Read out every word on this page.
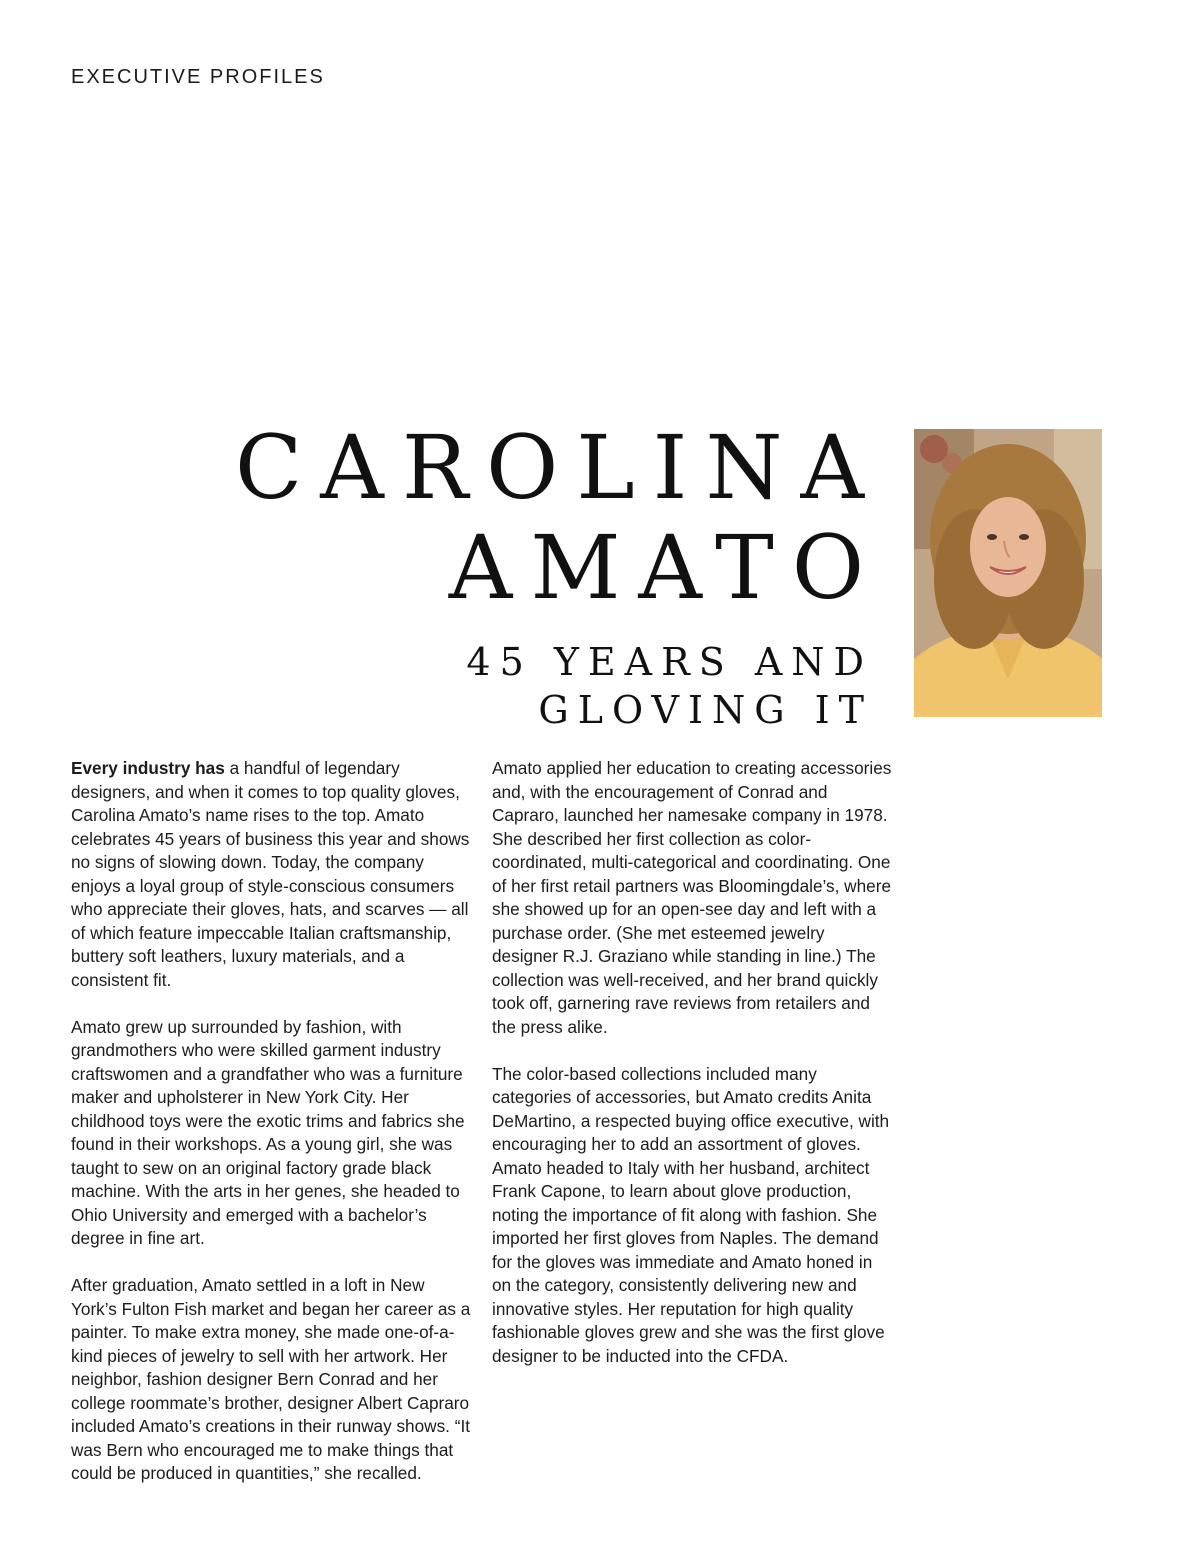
EXECUTIVE PROFILES
CAROLINA
AMATO
45 YEARS AND
GLOVING IT

Every industry has a handful of legendary designers, and when it comes to top quality gloves, Carolina Amato’s name rises to the top. Amato celebrates 45 years of business this year and shows no signs of slowing down. Today, the company enjoys a loyal group of style-conscious consumers who appreciate their gloves, hats, and scarves — all of which feature impeccable Italian craftsmanship, buttery soft leathers, luxury materials, and a consistent fit.

Amato grew up surrounded by fashion, with grandmothers who were skilled garment industry craftswomen and a grandfather who was a furniture maker and upholsterer in New York City. Her childhood toys were the exotic trims and fabrics she found in their workshops. As a young girl, she was taught to sew on an original factory grade black machine. With the arts in her genes, she headed to Ohio University and emerged with a bachelor’s degree in fine art.

After graduation, Amato settled in a loft in New York’s Fulton Fish market and began her career as a painter. To make extra money, she made one-of-a-kind pieces of jewelry to sell with her artwork. Her neighbor, fashion designer Bern Conrad and her college roommate’s brother, designer Albert Capraro included Amato’s creations in their runway shows. “It was Bern who encouraged me to make things that could be produced in quantities,” she recalled.

Amato applied her education to creating accessories and, with the encouragement of Conrad and Capraro, launched her namesake company in 1978. She described her first collection as color-coordinated, multi-categorical and coordinating. One of her first retail partners was Bloomingdale’s, where she showed up for an open-see day and left with a purchase order. (She met esteemed jewelry designer R.J. Graziano while standing in line.) The collection was well-received, and her brand quickly took off, garnering rave reviews from retailers and the press alike.

The color-based collections included many categories of accessories, but Amato credits Anita DeMartino, a respected buying office executive, with encouraging her to add an assortment of gloves. Amato headed to Italy with her husband, architect Frank Capone, to learn about glove production, noting the importance of fit along with fashion. She imported her first gloves from Naples. The demand for the gloves was immediate and Amato honed in on the category, consistently delivering new and innovative styles. Her reputation for high quality fashionable gloves grew and she was the first glove designer to be inducted into the CFDA.
